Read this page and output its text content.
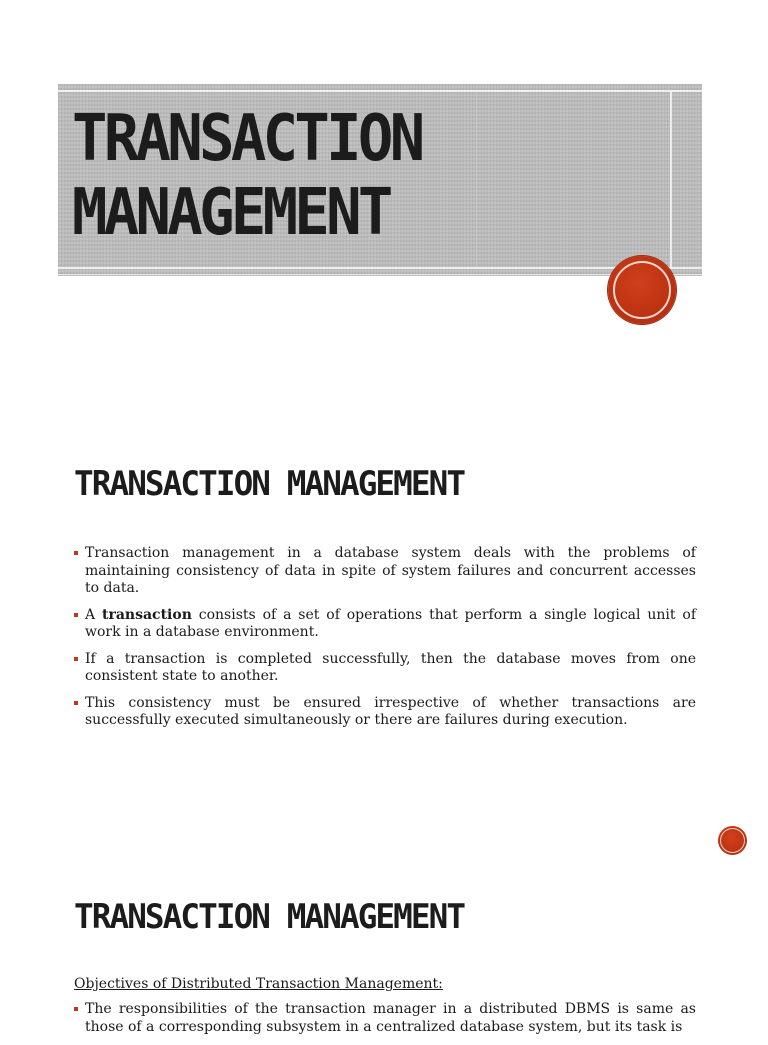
TRANSACTION
MANAGEMENT
TRANSACTION MANAGEMENT
Transaction management in a database system deals with the problems of maintaining consistency of data in spite of system failures and concurrent accesses to data.
A transaction consists of a set of operations that perform a single logical unit of work in a database environment.
If a transaction is completed successfully, then the database moves from one consistent state to another.
This consistency must be ensured irrespective of whether transactions are successfully executed simultaneously or there are failures during execution.
TRANSACTION MANAGEMENT

Objectives of Distributed Transaction Management:

The responsibilities of the transaction manager in a distributed DBMS is same as those of a corresponding subsystem in a centralized database system, but its task is
